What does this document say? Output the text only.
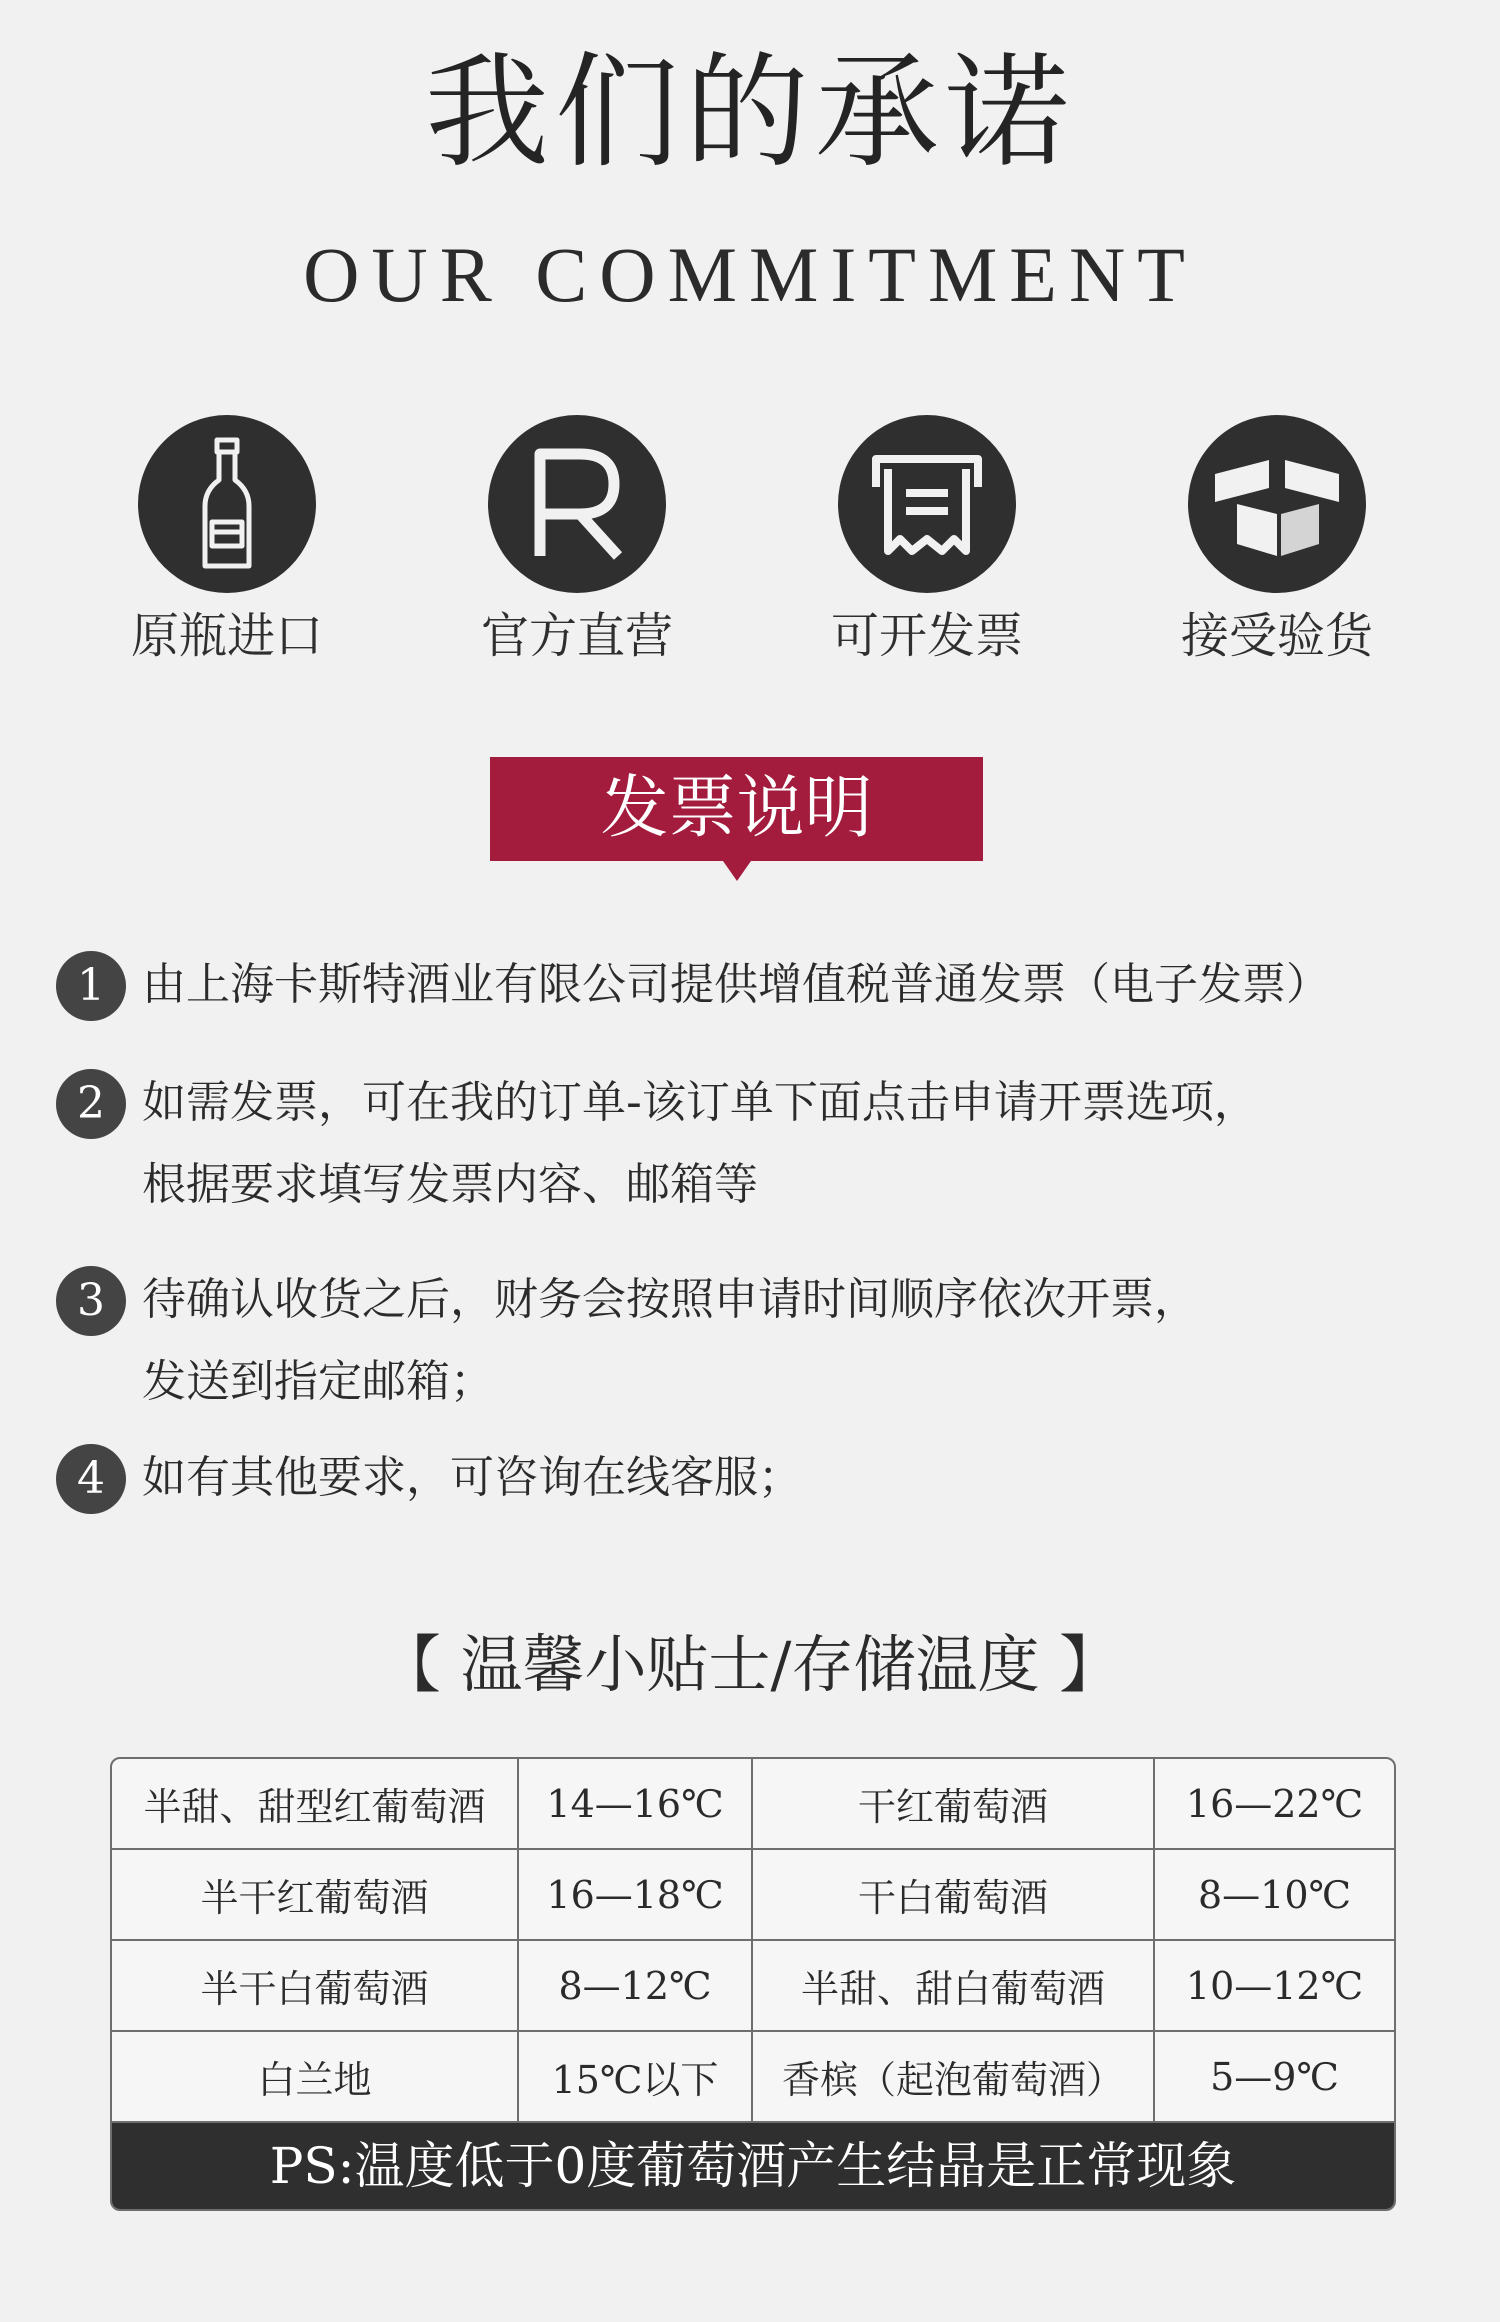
我们的承诺
OUR COMMITMENT
原瓶进口	官方直营	可开发票	接受验货
发票说明
1 由上海卡斯特酒业有限公司提供增值税普通发票（电子发票）
2 如需发票，可在我的订单-该订单下面点击申请开票选项，
根据要求填写发票内容、邮箱等
3 待确认收货之后，财务会按照申请时间顺序依次开票，
发送到指定邮箱；
4 如有其他要求，可咨询在线客服；
【 温馨小贴士/存储温度 】
半甜、甜型红葡萄酒	14—16℃	干红葡萄酒	16—22℃
半干红葡萄酒	16—18℃	干白葡萄酒	8—10℃
半干白葡萄酒	8—12℃	半甜、甜白葡萄酒	10—12℃
白兰地	15℃以下	香槟（起泡葡萄酒）	5—9℃
PS:温度低于0度葡萄酒产生结晶是正常现象
